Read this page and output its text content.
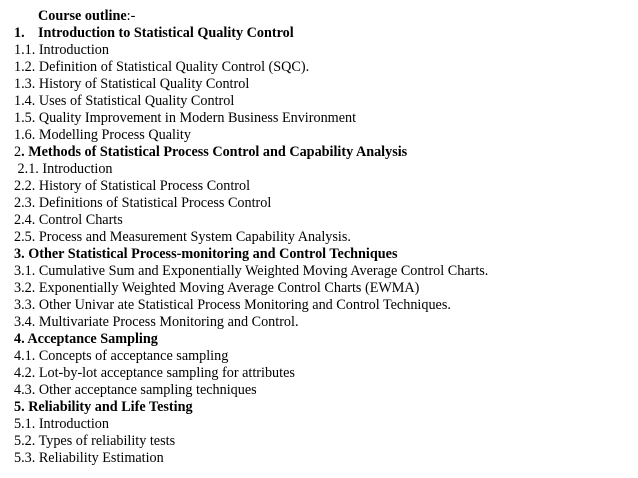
Course outline:-
1. Introduction to Statistical Quality Control
1.1. Introduction
1.2. Definition of Statistical Quality Control (SQC).
1.3. History of Statistical Quality Control
1.4. Uses of Statistical Quality Control
1.5. Quality Improvement in Modern Business Environment
1.6. Modelling Process Quality
2. Methods of Statistical Process Control and Capability Analysis
2.1. Introduction
2.2. History of Statistical Process Control
2.3. Definitions of Statistical Process Control
2.4. Control Charts
2.5. Process and Measurement System Capability Analysis.
3. Other Statistical Process-monitoring and Control Techniques
3.1. Cumulative Sum and Exponentially Weighted Moving Average Control Charts.
3.2. Exponentially Weighted Moving Average Control Charts (EWMA)
3.3. Other Univar ate Statistical Process Monitoring and Control Techniques.
3.4. Multivariate Process Monitoring and Control.
4. Acceptance Sampling
4.1. Concepts of acceptance sampling
4.2. Lot-by-lot acceptance sampling for attributes
4.3. Other acceptance sampling techniques
5. Reliability and Life Testing
5.1. Introduction
5.2. Types of reliability tests
5.3. Reliability Estimation
